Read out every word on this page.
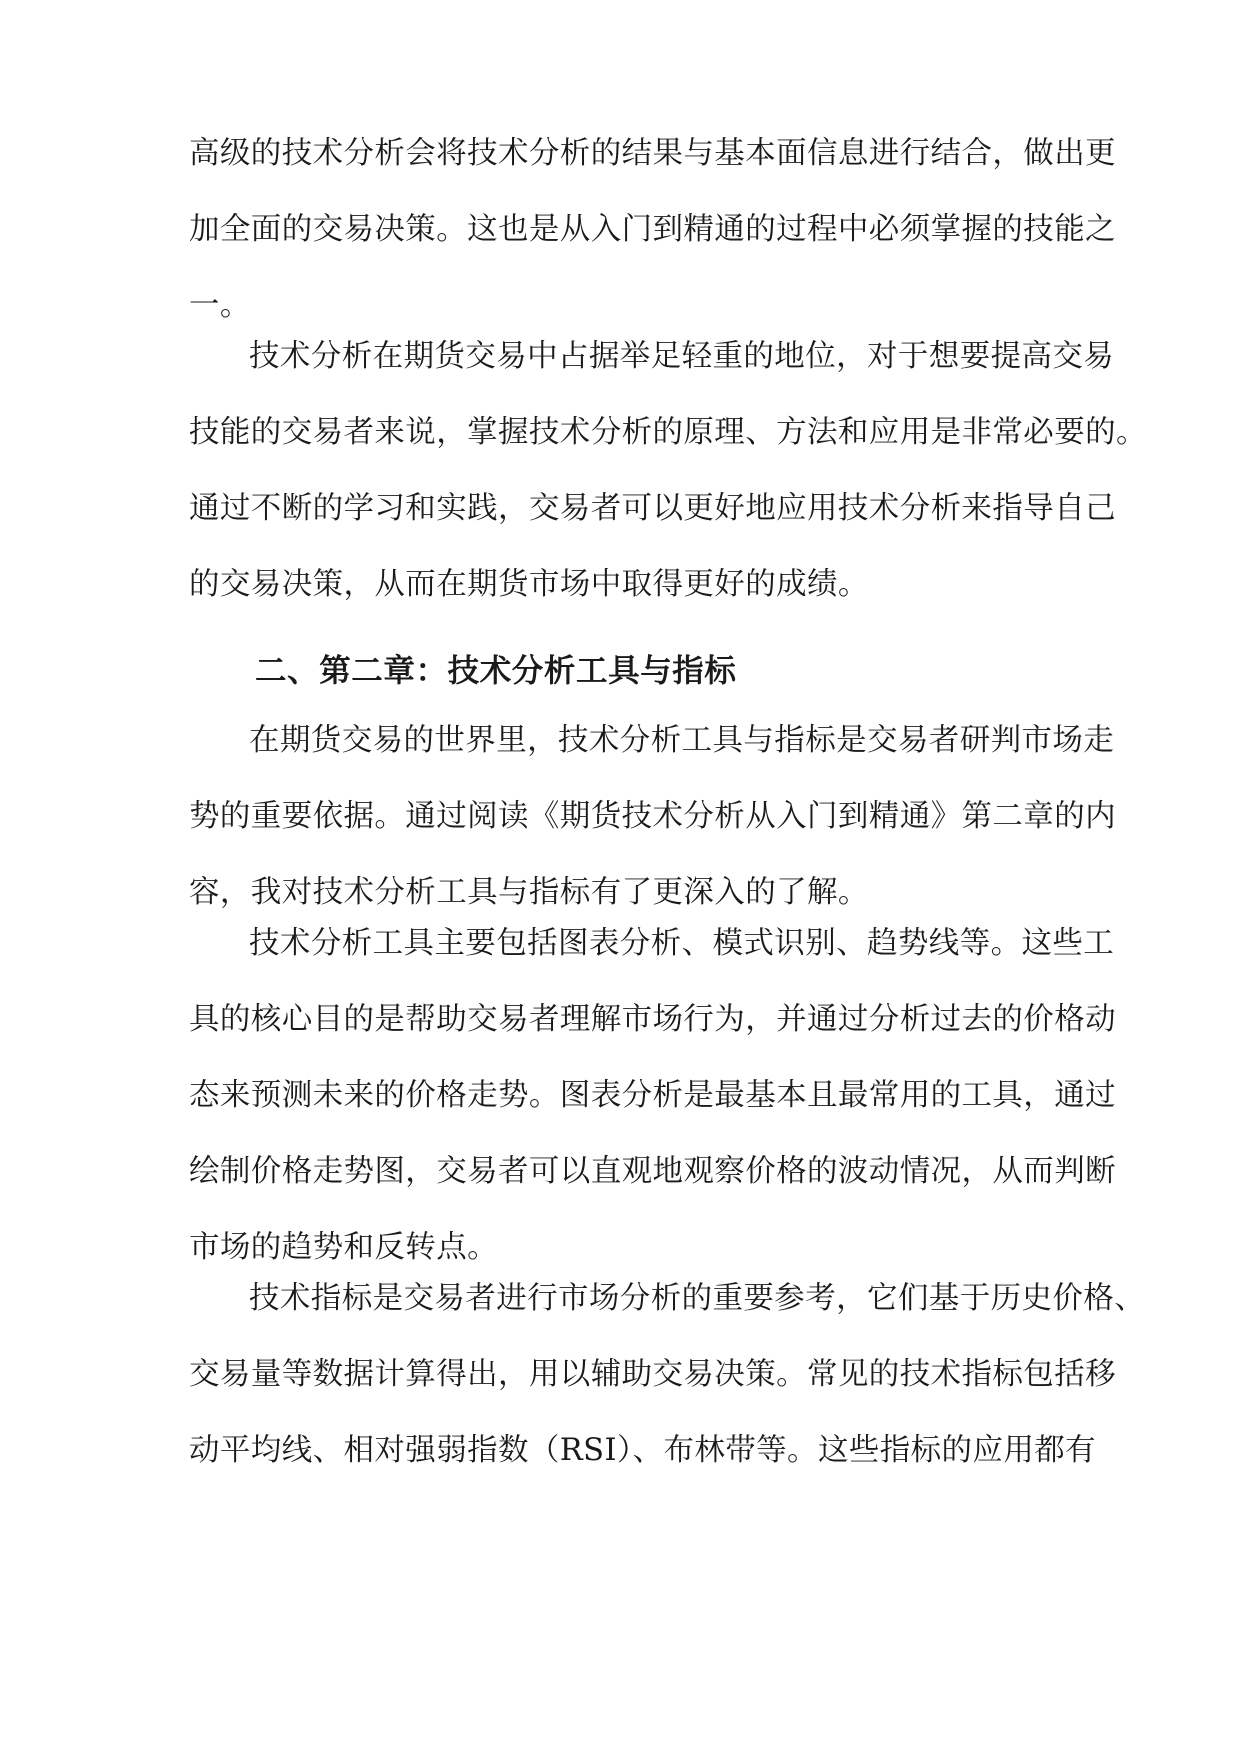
高级的技术分析会将技术分析的结果与基本面信息进行结合，做出更
加全面的交易决策。这也是从入门到精通的过程中必须掌握的技能之
一。
技术分析在期货交易中占据举足轻重的地位，对于想要提高交易
技能的交易者来说，掌握技术分析的原理、方法和应用是非常必要的。
通过不断的学习和实践，交易者可以更好地应用技术分析来指导自己
的交易决策，从而在期货市场中取得更好的成绩。
二、第二章：技术分析工具与指标
在期货交易的世界里，技术分析工具与指标是交易者研判市场走
势的重要依据。通过阅读《期货技术分析从入门到精通》第二章的内
容，我对技术分析工具与指标有了更深入的了解。
技术分析工具主要包括图表分析、模式识别、趋势线等。这些工
具的核心目的是帮助交易者理解市场行为，并通过分析过去的价格动
态来预测未来的价格走势。图表分析是最基本且最常用的工具，通过
绘制价格走势图，交易者可以直观地观察价格的波动情况，从而判断
市场的趋势和反转点。
技术指标是交易者进行市场分析的重要参考，它们基于历史价格、
交易量等数据计算得出，用以辅助交易决策。常见的技术指标包括移
动平均线、相对强弱指数（RSI）、布林带等。这些指标的应用都有
